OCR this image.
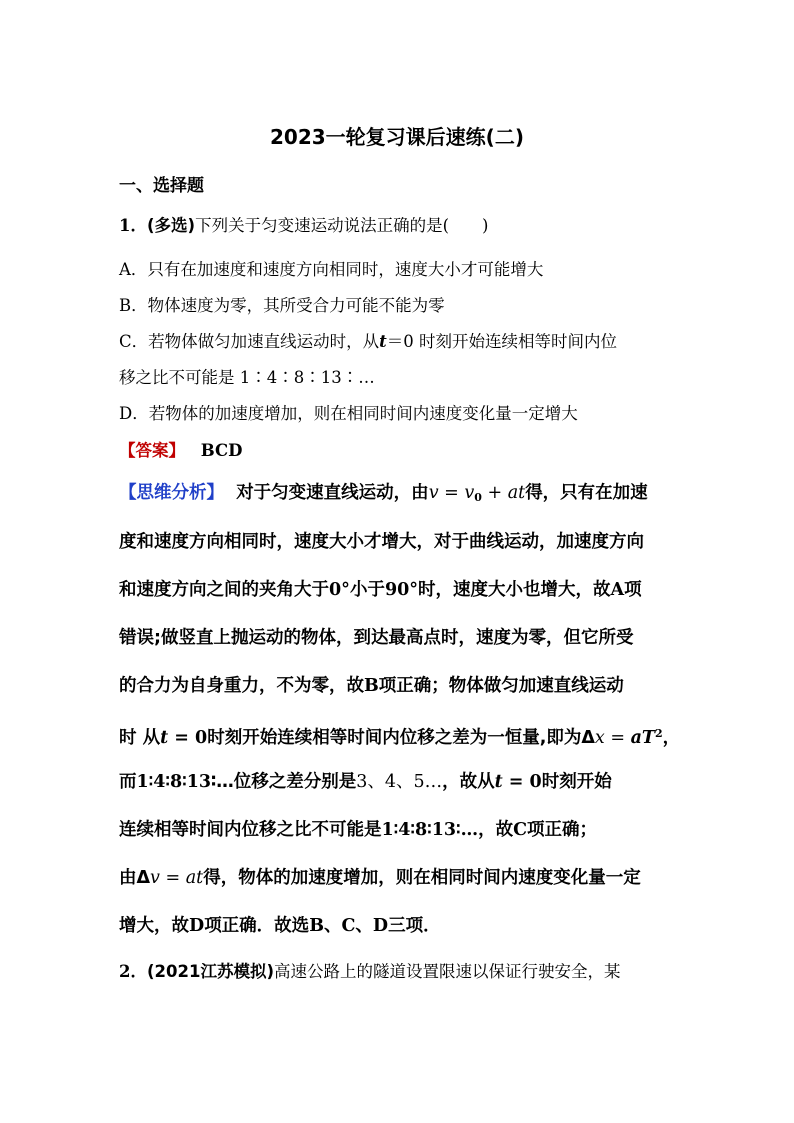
2023一轮复习课后速练(二)
一、选择题
1．(多选)下列关于匀变速运动说法正确的是(　　)
A．只有在加速度和速度方向相同时，速度大小才可能增大
B．物体速度为零，其所受合力可能不能为零
C．若物体做匀加速直线运动时，从t＝0 时刻开始连续相等时间内位
移之比不可能是 1∶4∶8∶13∶…
D．若物体的加速度增加，则在相同时间内速度变化量一定增大
【答案】 BCD
【思维分析】 对于匀变速直线运动，由$v = v_0$ + at得，只有在加速
度和速度方向相同时，速度大小才增大，对于曲线运动，加速度方向
和速度方向之间的夹角大于0°小于90°时，速度大小也增大，故A项
错误;做竖直上抛运动的物体，到达最高点时，速度为零，但它所受
的合力为自身重力，不为零，故B项正确；物体做匀加速直线运动
时 从t = 0时刻开始连续相等时间内位移之差为一恒量,即为$\Delta x = aT^2$，
而1∶4∶8∶13∶…位移之差分别是3、4、5…，故从t = 0时刻开始
连续相等时间内位移之比不可能是1∶4∶8∶13∶…，故C项正确；
由Δv = at得，物体的加速度增加，则在相同时间内速度变化量一定
增大，故D项正确．故选B、C、D三项．
2．(2021江苏模拟)高速公路上的隧道设置限速以保证行驶安全，某
